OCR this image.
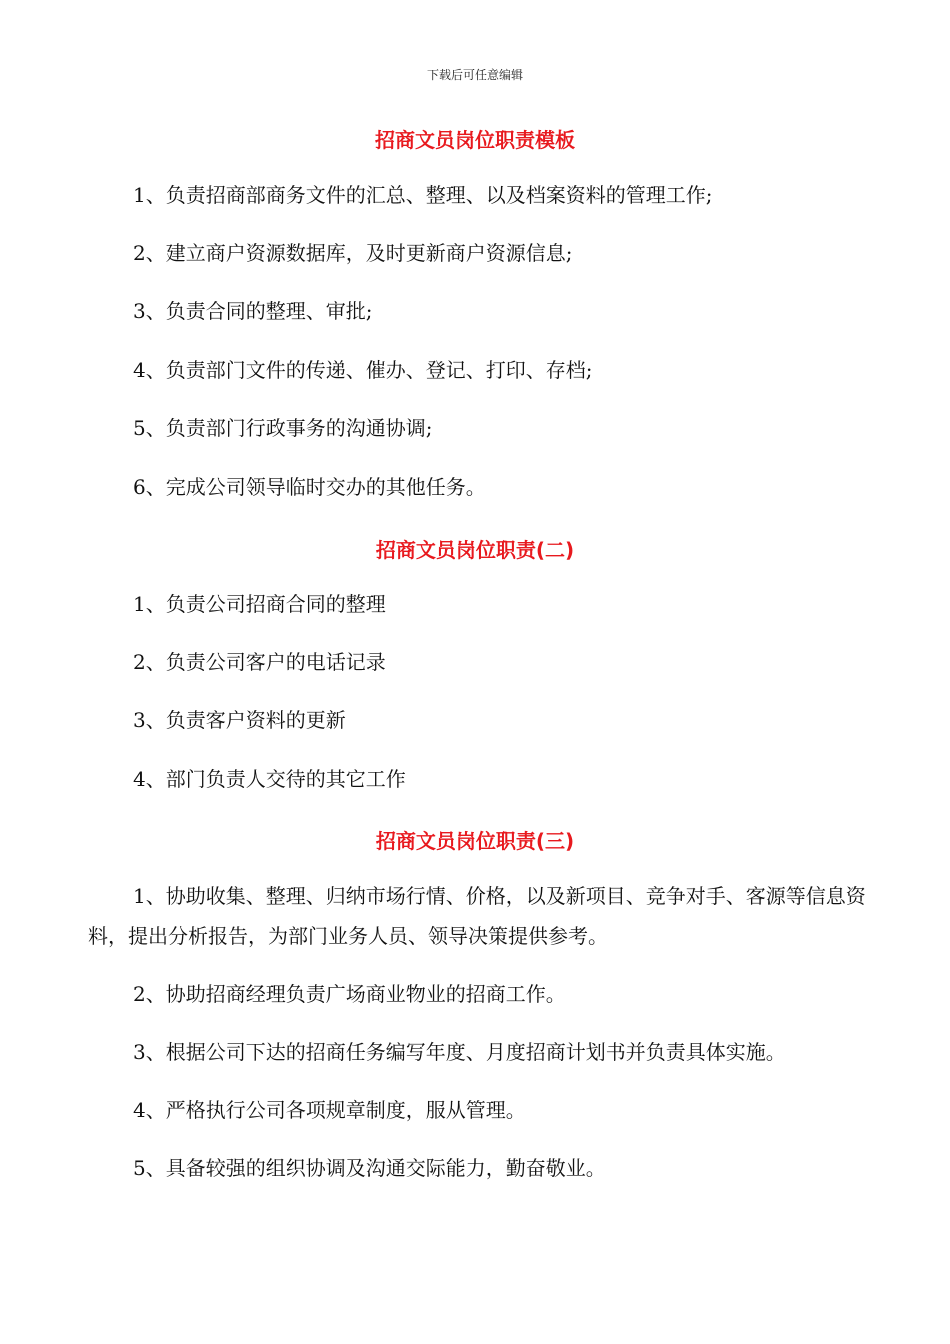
下载后可任意编辑
招商文员岗位职责模板
1、负责招商部商务文件的汇总、整理、以及档案资料的管理工作;
2、建立商户资源数据库，及时更新商户资源信息;
3、负责合同的整理、审批;
4、负责部门文件的传递、催办、登记、打印、存档;
5、负责部门行政事务的沟通协调;
6、完成公司领导临时交办的其他任务。
招商文员岗位职责(二)
1、负责公司招商合同的整理
2、负责公司客户的电话记录
3、负责客户资料的更新
4、部门负责人交待的其它工作
招商文员岗位职责(三)
1、协助收集、整理、归纳市场行情、价格，以及新项目、竞争对手、客源等信息资料，提出分析报告，为部门业务人员、领导决策提供参考。
2、协助招商经理负责广场商业物业的招商工作。
3、根据公司下达的招商任务编写年度、月度招商计划书并负责具体实施。
4、严格执行公司各项规章制度，服从管理。
5、具备较强的组织协调及沟通交际能力，勤奋敬业。
